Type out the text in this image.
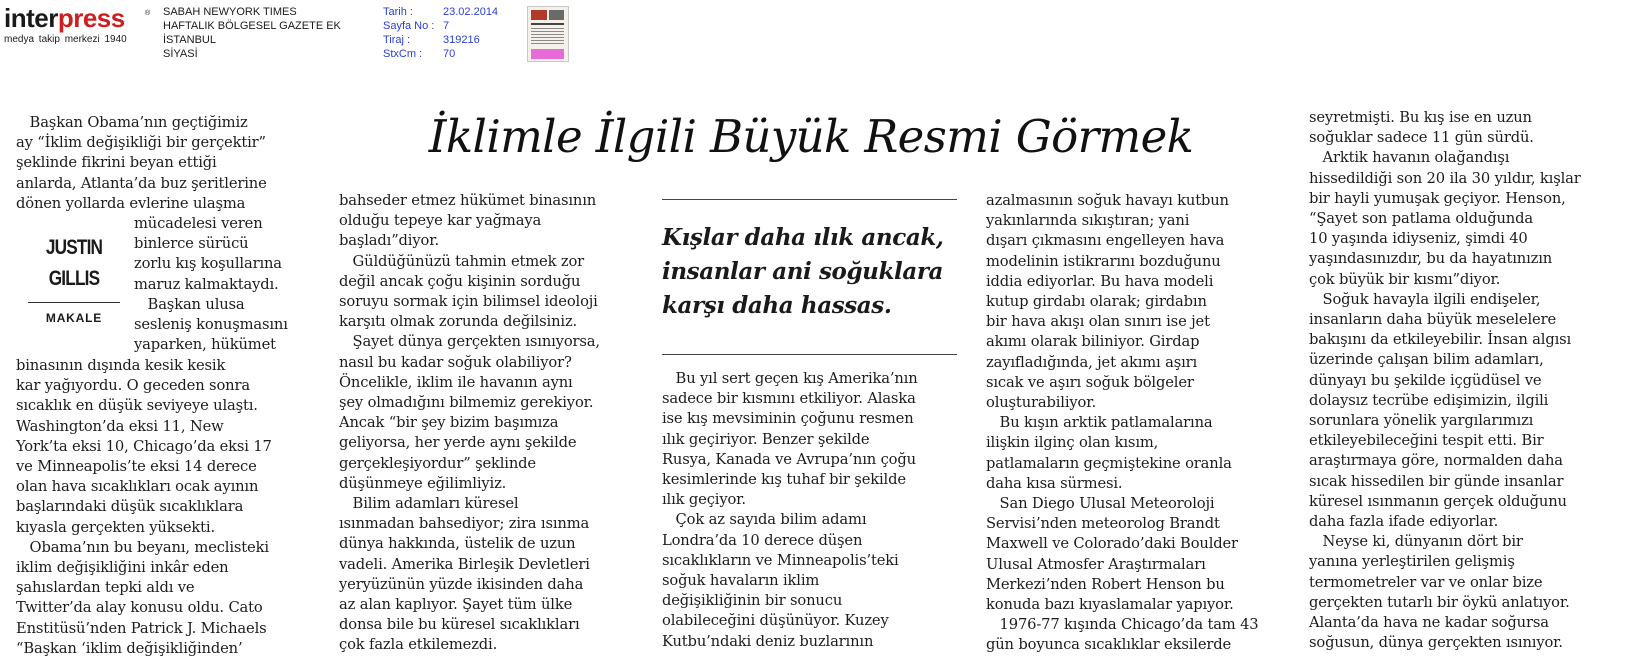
interpress	®
medya takip merkezi 1940
SABAH NEWYORK TIMES
HAFTALIK BÖLGESEL GAZETE EK
İSTANBUL
SİYASİ
Tarih :	23.02.2014
Sayfa No : 7
Tiraj :	319216
StxCm :	70
İklimle İlgili Büyük Resmi Görmek

Başkan Obama’nın geçtiğimiz

ay “İklim değişikliği bir gerçektir”

şeklinde fikrini beyan ettiği

anlarda, Atlanta’da buz şeritlerine

dönen yollarda evlerine ulaşma

JUSTIN
GILLIS
MAKALE

mücadelesi veren

binlerce sürücü

zorlu kış koşullarına

maruz kalmaktaydı.

Başkan ulusa

sesleniş konuşmasını

yaparken, hükümet

binasının dışında kesik kesik

kar yağıyordu. O geceden sonra

sıcaklık en düşük seviyeye ulaştı.

Washington’da eksi 11, New

York’ta eksi 10, Chicago’da eksi 17

ve Minneapolis’te eksi 14 derece

olan hava sıcaklıkları ocak ayının

başlarındaki düşük sıcaklıklara

kıyasla gerçekten yüksekti.

Obama’nın bu beyanı, meclisteki

iklim değişikliğini inkâr eden

şahıslardan tepki aldı ve

Twitter’da alay konusu oldu. Cato

Enstitüsü’nden Patrick J. Michaels

“Başkan ‘iklim değişikliğinden’

bahseder etmez hükümet binasının

olduğu tepeye kar yağmaya

başladı”diyor.

Güldüğünüzü tahmin etmek zor

değil ancak çoğu kişinin sorduğu

soruyu sormak için bilimsel ideoloji

karşıtı olmak zorunda değilsiniz.

Şayet dünya gerçekten ısınıyorsa,

nasıl bu kadar soğuk olabiliyor?

Öncelikle, iklim ile havanın aynı

şey olmadığını bilmemiz gerekiyor.

Ancak “bir şey bizim başımıza

geliyorsa, her yerde aynı şekilde

gerçekleşiyordur” şeklinde

düşünmeye eğilimliyiz.

Bilim adamları küresel

ısınmadan bahsediyor; zira ısınma

dünya hakkında, üstelik de uzun

vadeli. Amerika Birleşik Devletleri

yeryüzünün yüzde ikisinden daha

az alan kaplıyor. Şayet tüm ülke

donsa bile bu küresel sıcaklıkları

çok fazla etkilemezdi.

Kışlar daha ılık ancak,

insanlar ani soğuklara

karşı daha hassas.

Bu yıl sert geçen kış Amerika’nın

sadece bir kısmını etkiliyor. Alaska

ise kış mevsiminin çoğunu resmen

ılık geçiriyor. Benzer şekilde

Rusya, Kanada ve Avrupa’nın çoğu

kesimlerinde kış tuhaf bir şekilde

ılık geçiyor.

Çok az sayıda bilim adamı

Londra’da 10 derece düşen

sıcaklıkların ve Minneapolis’teki

soğuk havaların iklim

değişikliğinin bir sonucu

olabileceğini düşünüyor. Kuzey

Kutbu’ndaki deniz buzlarının

azalmasının soğuk havayı kutbun

yakınlarında sıkıştıran; yani

dışarı çıkmasını engelleyen hava

modelinin istikrarını bozduğunu

iddia ediyorlar. Bu hava modeli

kutup girdabı olarak; girdabın

bir hava akışı olan sınırı ise jet

akımı olarak biliniyor. Girdap

zayıfladığında, jet akımı aşırı

sıcak ve aşırı soğuk bölgeler

oluşturabiliyor.

Bu kışın arktik patlamalarına

ilişkin ilginç olan kısım,

patlamaların geçmiştekine oranla

daha kısa sürmesi.

San Diego Ulusal Meteoroloji

Servisi’nden meteorolog Brandt

Maxwell ve Colorado’daki Boulder

Ulusal Atmosfer Araştırmaları

Merkezi’nden Robert Henson bu

konuda bazı kıyaslamalar yapıyor.

1976-77 kışında Chicago’da tam 43

gün boyunca sıcaklıklar eksilerde

seyretmişti. Bu kış ise en uzun

soğuklar sadece 11 gün sürdü.

Arktik havanın olağandışı

hissedildiği son 20 ila 30 yıldır, kışlar

bir hayli yumuşak geçiyor. Henson,

“Şayet son patlama olduğunda

10 yaşında idiyseniz, şimdi 40

yaşındasınızdır, bu da hayatınızın

çok büyük bir kısmı”diyor.

Soğuk havayla ilgili endişeler,

insanların daha büyük meselelere

bakışını da etkileyebilir. İnsan algısı

üzerinde çalışan bilim adamları,

dünyayı bu şekilde içgüdüsel ve

dolaysız tecrübe edişimizin, ilgili

sorunlara yönelik yargılarımızı

etkileyebileceğini tespit etti. Bir

araştırmaya göre, normalden daha

sıcak hissedilen bir günde insanlar

küresel ısınmanın gerçek olduğunu

daha fazla ifade ediyorlar.

Neyse ki, dünyanın dört bir

yanına yerleştirilen gelişmiş

termometreler var ve onlar bize

gerçekten tutarlı bir öykü anlatıyor.

Alanta’da hava ne kadar soğursa

soğusun, dünya gerçekten ısınıyor.
